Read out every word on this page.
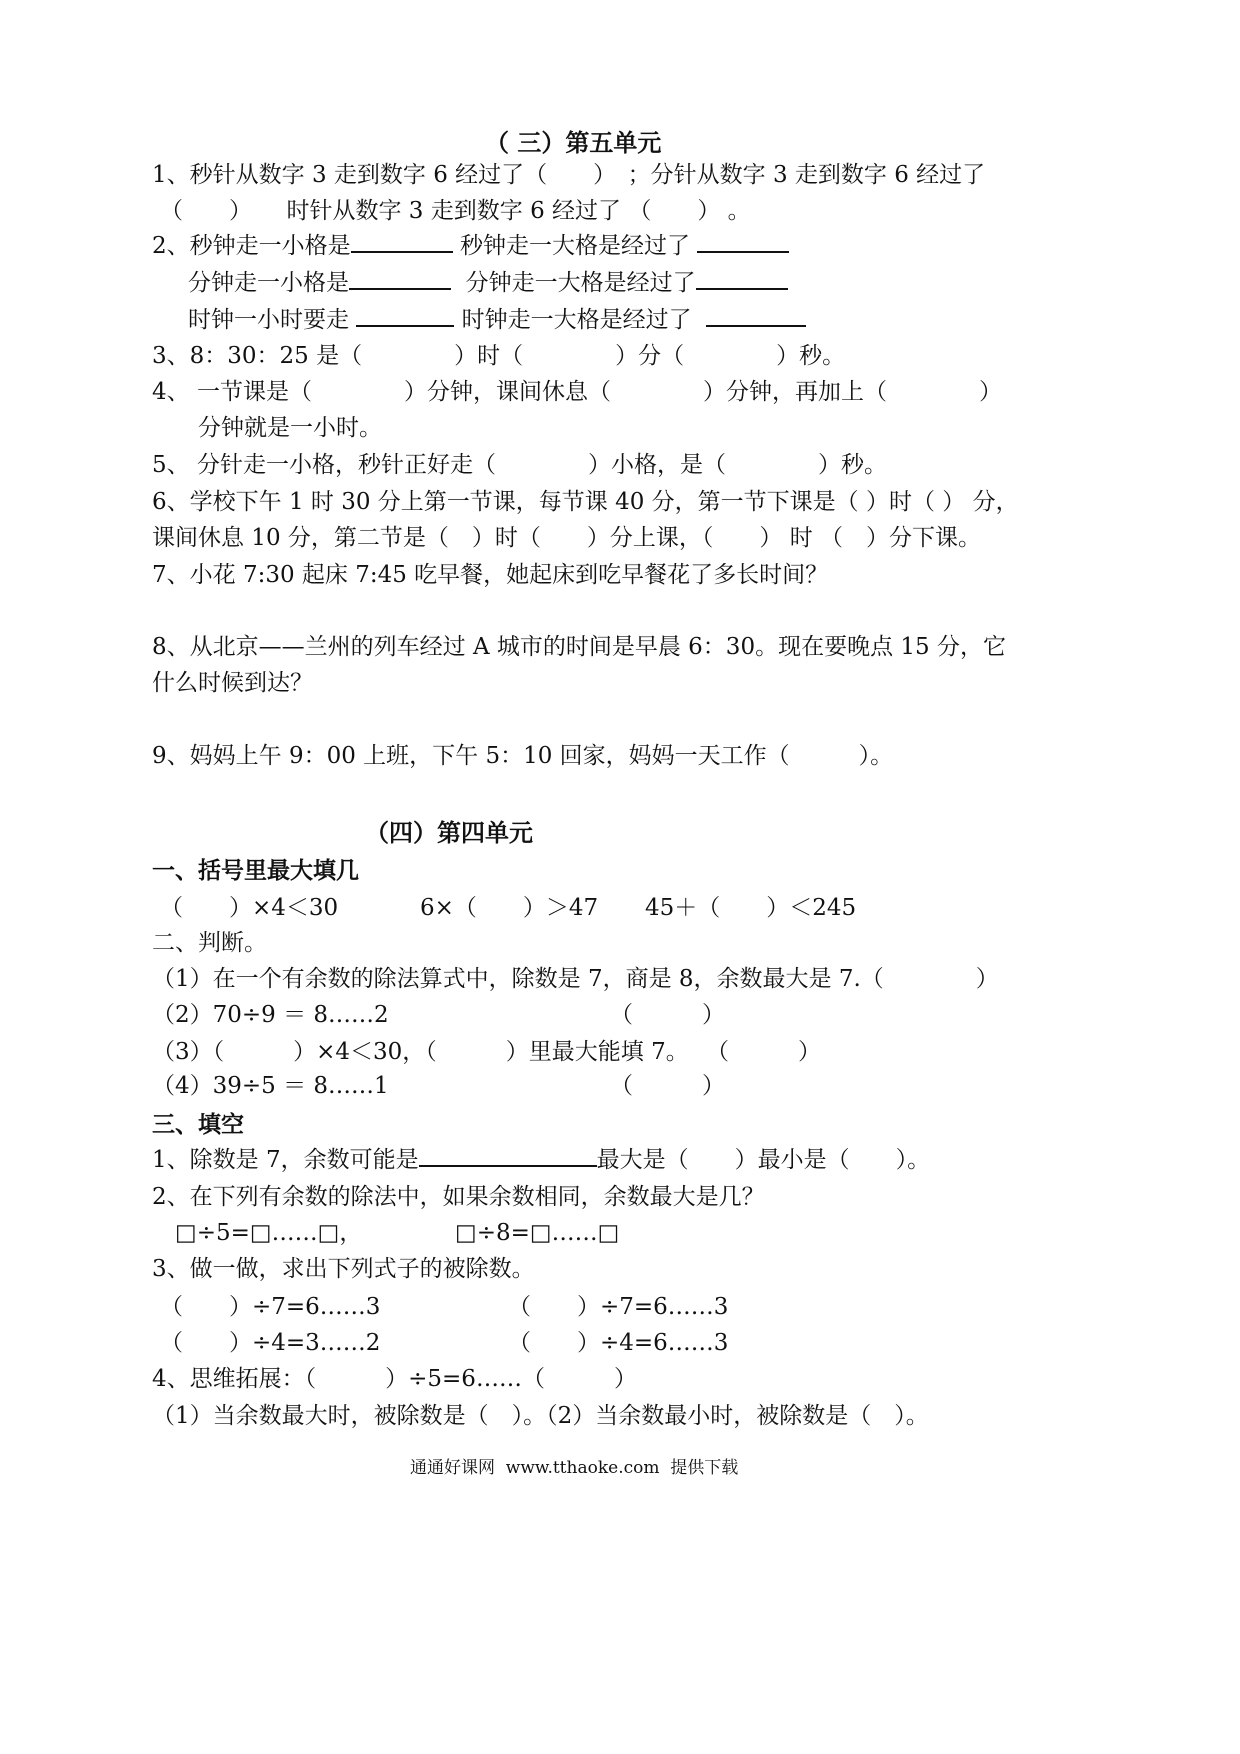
（ 三）第五单元
1、秒针从数字 3 走到数字 6 经过了（　　）　；分针从数字 3 走到数字 6 经过了
（　　）　　时针从数字 3 走到数字 6 经过了 （　　） 。
2、秒钟走一小格是	秒钟走一大格是经过了
分钟走一小格是	分钟走一大格是经过了
时钟一小时要走	时钟走一大格是经过了
3、8：30：25 是（　　　　）时（　　　　）分（　　　　）秒。
4、 一节课是（　　　　）分钟，课间休息（　　　　）分钟，再加上（　　　　）
分钟就是一小时。
5、 分针走一小格，秒针正好走（　　　　）小格，是（　　　　）秒。
6、学校下午 1 时 30 分上第一节课，每节课 40 分，第一节下课是（ ）时（ ） 分，
课间休息 10 分，第二节是（　）时（　　）分上课，（　　） 时 （　）分下课。
7、小花 7:30 起床 7:45 吃早餐，她起床到吃早餐花了多长时间？
8、从北京——兰州的列车经过 A 城市的时间是早晨 6：30。现在要晚点 15 分，它
什么时候到达？
9、妈妈上午 9：00 上班，下午 5：10 回家，妈妈一天工作（　　　）。
（四）第四单元
一、括号里最大填几
（　　）×4＜30	6×（　　）＞47 45＋（　　）＜245
二、判断。
（1）在一个有余数的除法算式中，除数是 7，商是 8，余数最大是 7.（　　　　）
（2）70÷9 ＝ 8……2	（　　　）
（3）（　　　）×4＜30，（　　　）里最大能填 7。 （　　　）
（4）39÷5 ＝ 8……1	（　　　）
三、填空
1、除数是 7，余数可能是	最大是（　　）最小是（　　）。
2、在下列有余数的除法中，如果余数相同，余数最大是几？
□÷5=□……□，	□÷8=□……□
3、做一做，求出下列式子的被除数。
（　　）÷7=6……3	（　　）÷7=6……3
（　　）÷4=3……2	（　　）÷4=6……3
4、思维拓展：（　　　）÷5=6……（　　　）
（1）当余数最大时，被除数是（　）。（2）当余数最小时，被除数是（　）。
通通好课网  www.tthaoke.com  提供下载
